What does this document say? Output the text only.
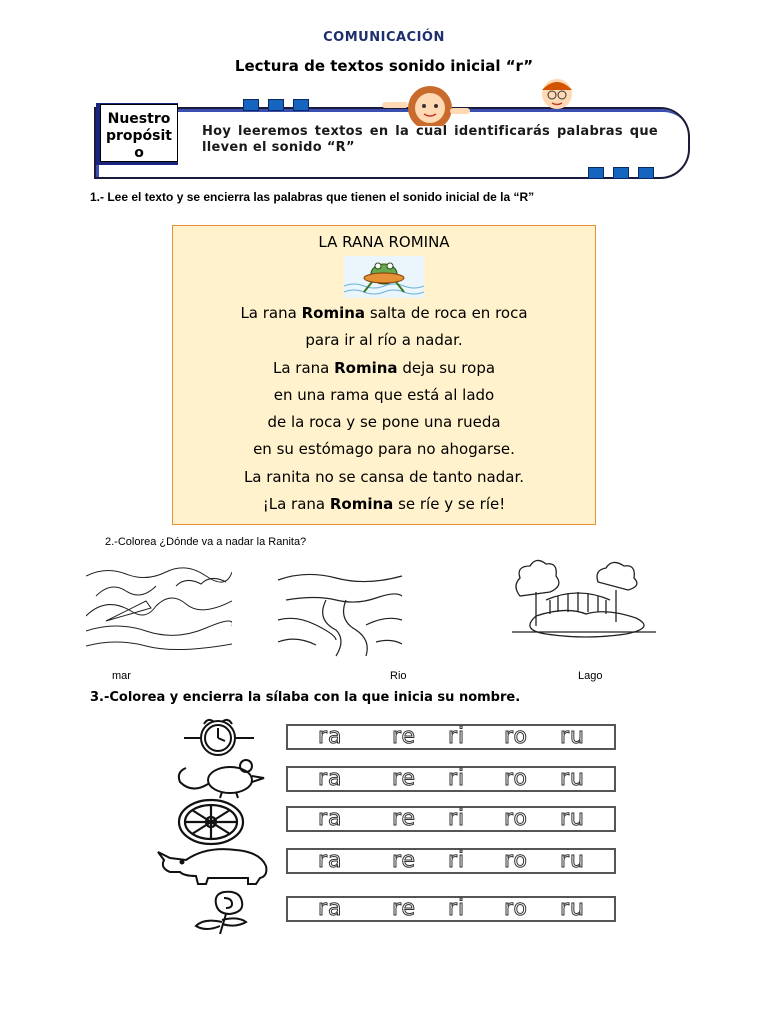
COMUNICACIÓN
Lectura de textos sonido inicial “r”
Nuestro
propósit
o
Hoy leeremos textos en la cual identificarás palabras que lleven el sonido “R”
1.- Lee el texto y se encierra las palabras que tienen el sonido inicial de la “R”
LA RANA ROMINA
La rana Romina salta de roca en roca
para ir al río a nadar.
La rana Romina deja su ropa
en una rama que está al lado
de la roca y se pone una rueda
en su estómago para no ahogarse.
La ranita no se cansa de tanto nadar.
¡La rana Romina se ríe y se ríe!
2.-Colorea ¿Dónde va a nadar la Ranita?
mar	Rio	Lago
3.-Colorea y encierra la sílaba con la que inicia su nombre.
ra re ri ro ru
ra re ri ro ru
ra re ri ro ru
ra re ri ro ru
ra re ri ro ru
